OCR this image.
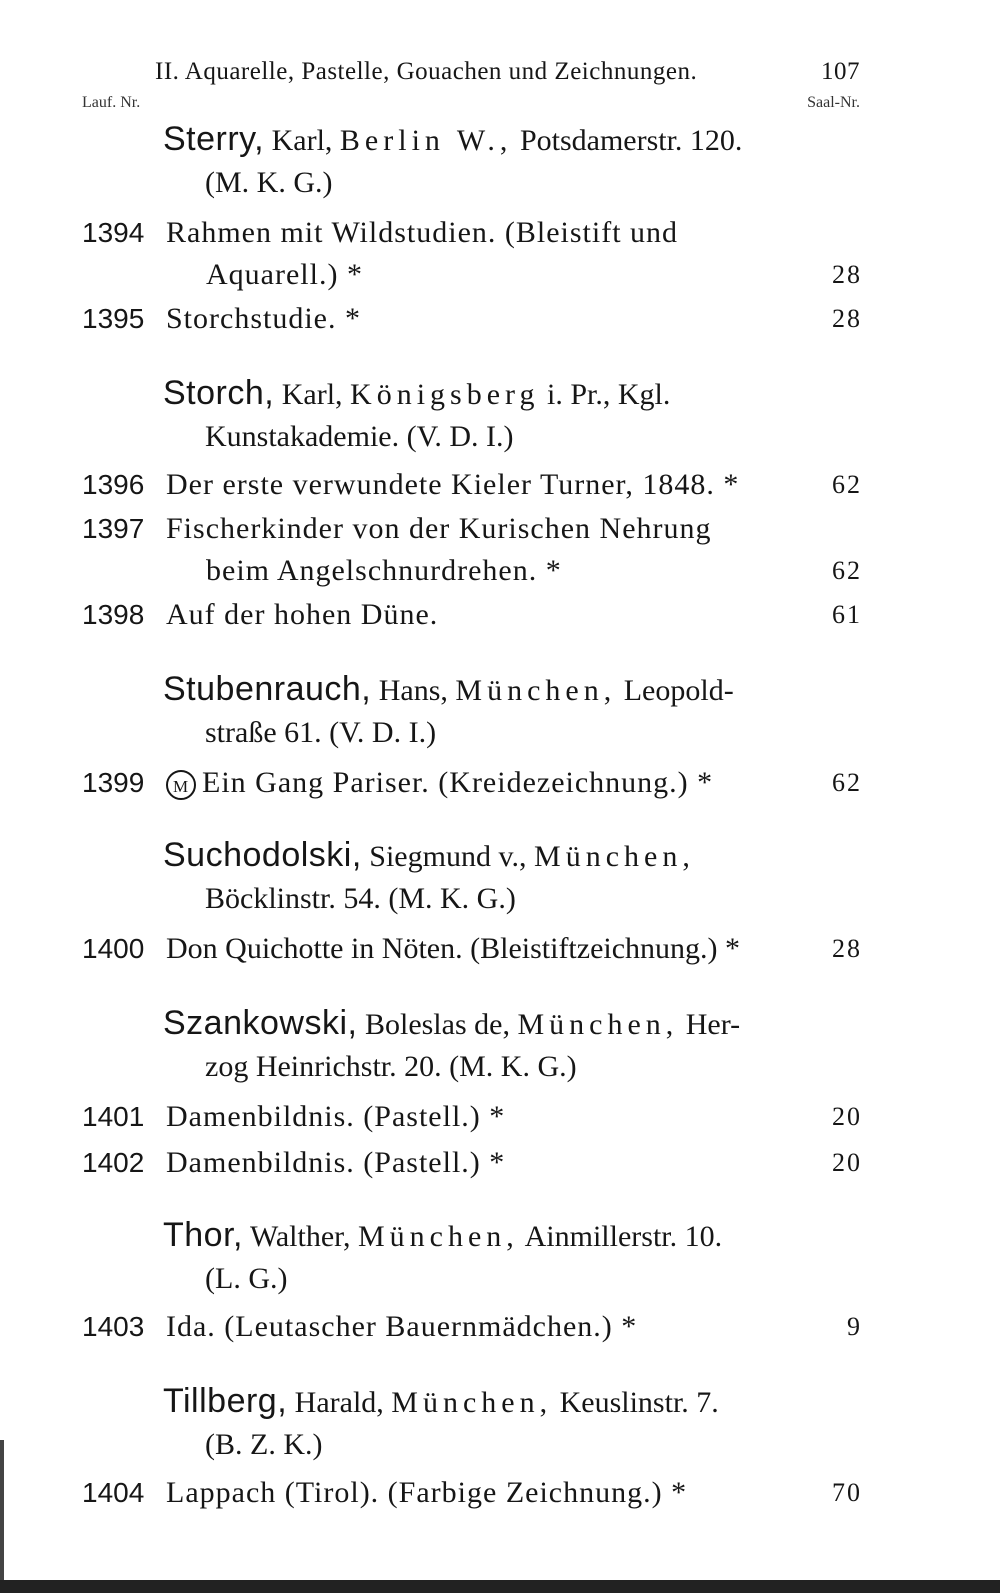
II. Aquarelle, Pastelle, Gouachen und Zeichnungen.	107
Lauf. Nr.	Saal-Nr.
Sterry, Karl, Berlin W., Potsdamerstr. 120.
(M. K. G.)
1394 Rahmen mit Wildstudien. (Bleistift und
Aquarell.) *	28
1395 Storchstudie. *	28
Storch, Karl, Königsberg i. Pr., Kgl.
Kunstakademie. (V. D. I.)
1396 Der erste verwundete Kieler Turner, 1848. *	62
1397 Fischerkinder von der Kurischen Nehrung
beim Angelschnurdrehen. *	62
1398 Auf der hohen Düne.	61
Stubenrauch, Hans, München, Leopold-
straße 61. (V. D. I.)
1399	M Ein Gang Pariser. (Kreidezeichnung.) *	62
Suchodolski, Siegmund v., München,
Böcklinstr. 54. (M. K. G.)
1400 Don Quichotte in Nöten. (Bleistiftzeichnung.) *	28
Szankowski, Boleslas de, München, Her-
zog Heinrichstr. 20. (M. K. G.)
1401 Damenbildnis. (Pastell.) *	20
1402 Damenbildnis. (Pastell.) *	20
Thor, Walther, München, Ainmillerstr. 10.
(L. G.)
1403 Ida. (Leutascher Bauernmädchen.) *	9
Tillberg, Harald, München, Keuslinstr. 7.
(B. Z. K.)
1404 Lappach (Tirol). (Farbige Zeichnung.) *	70
